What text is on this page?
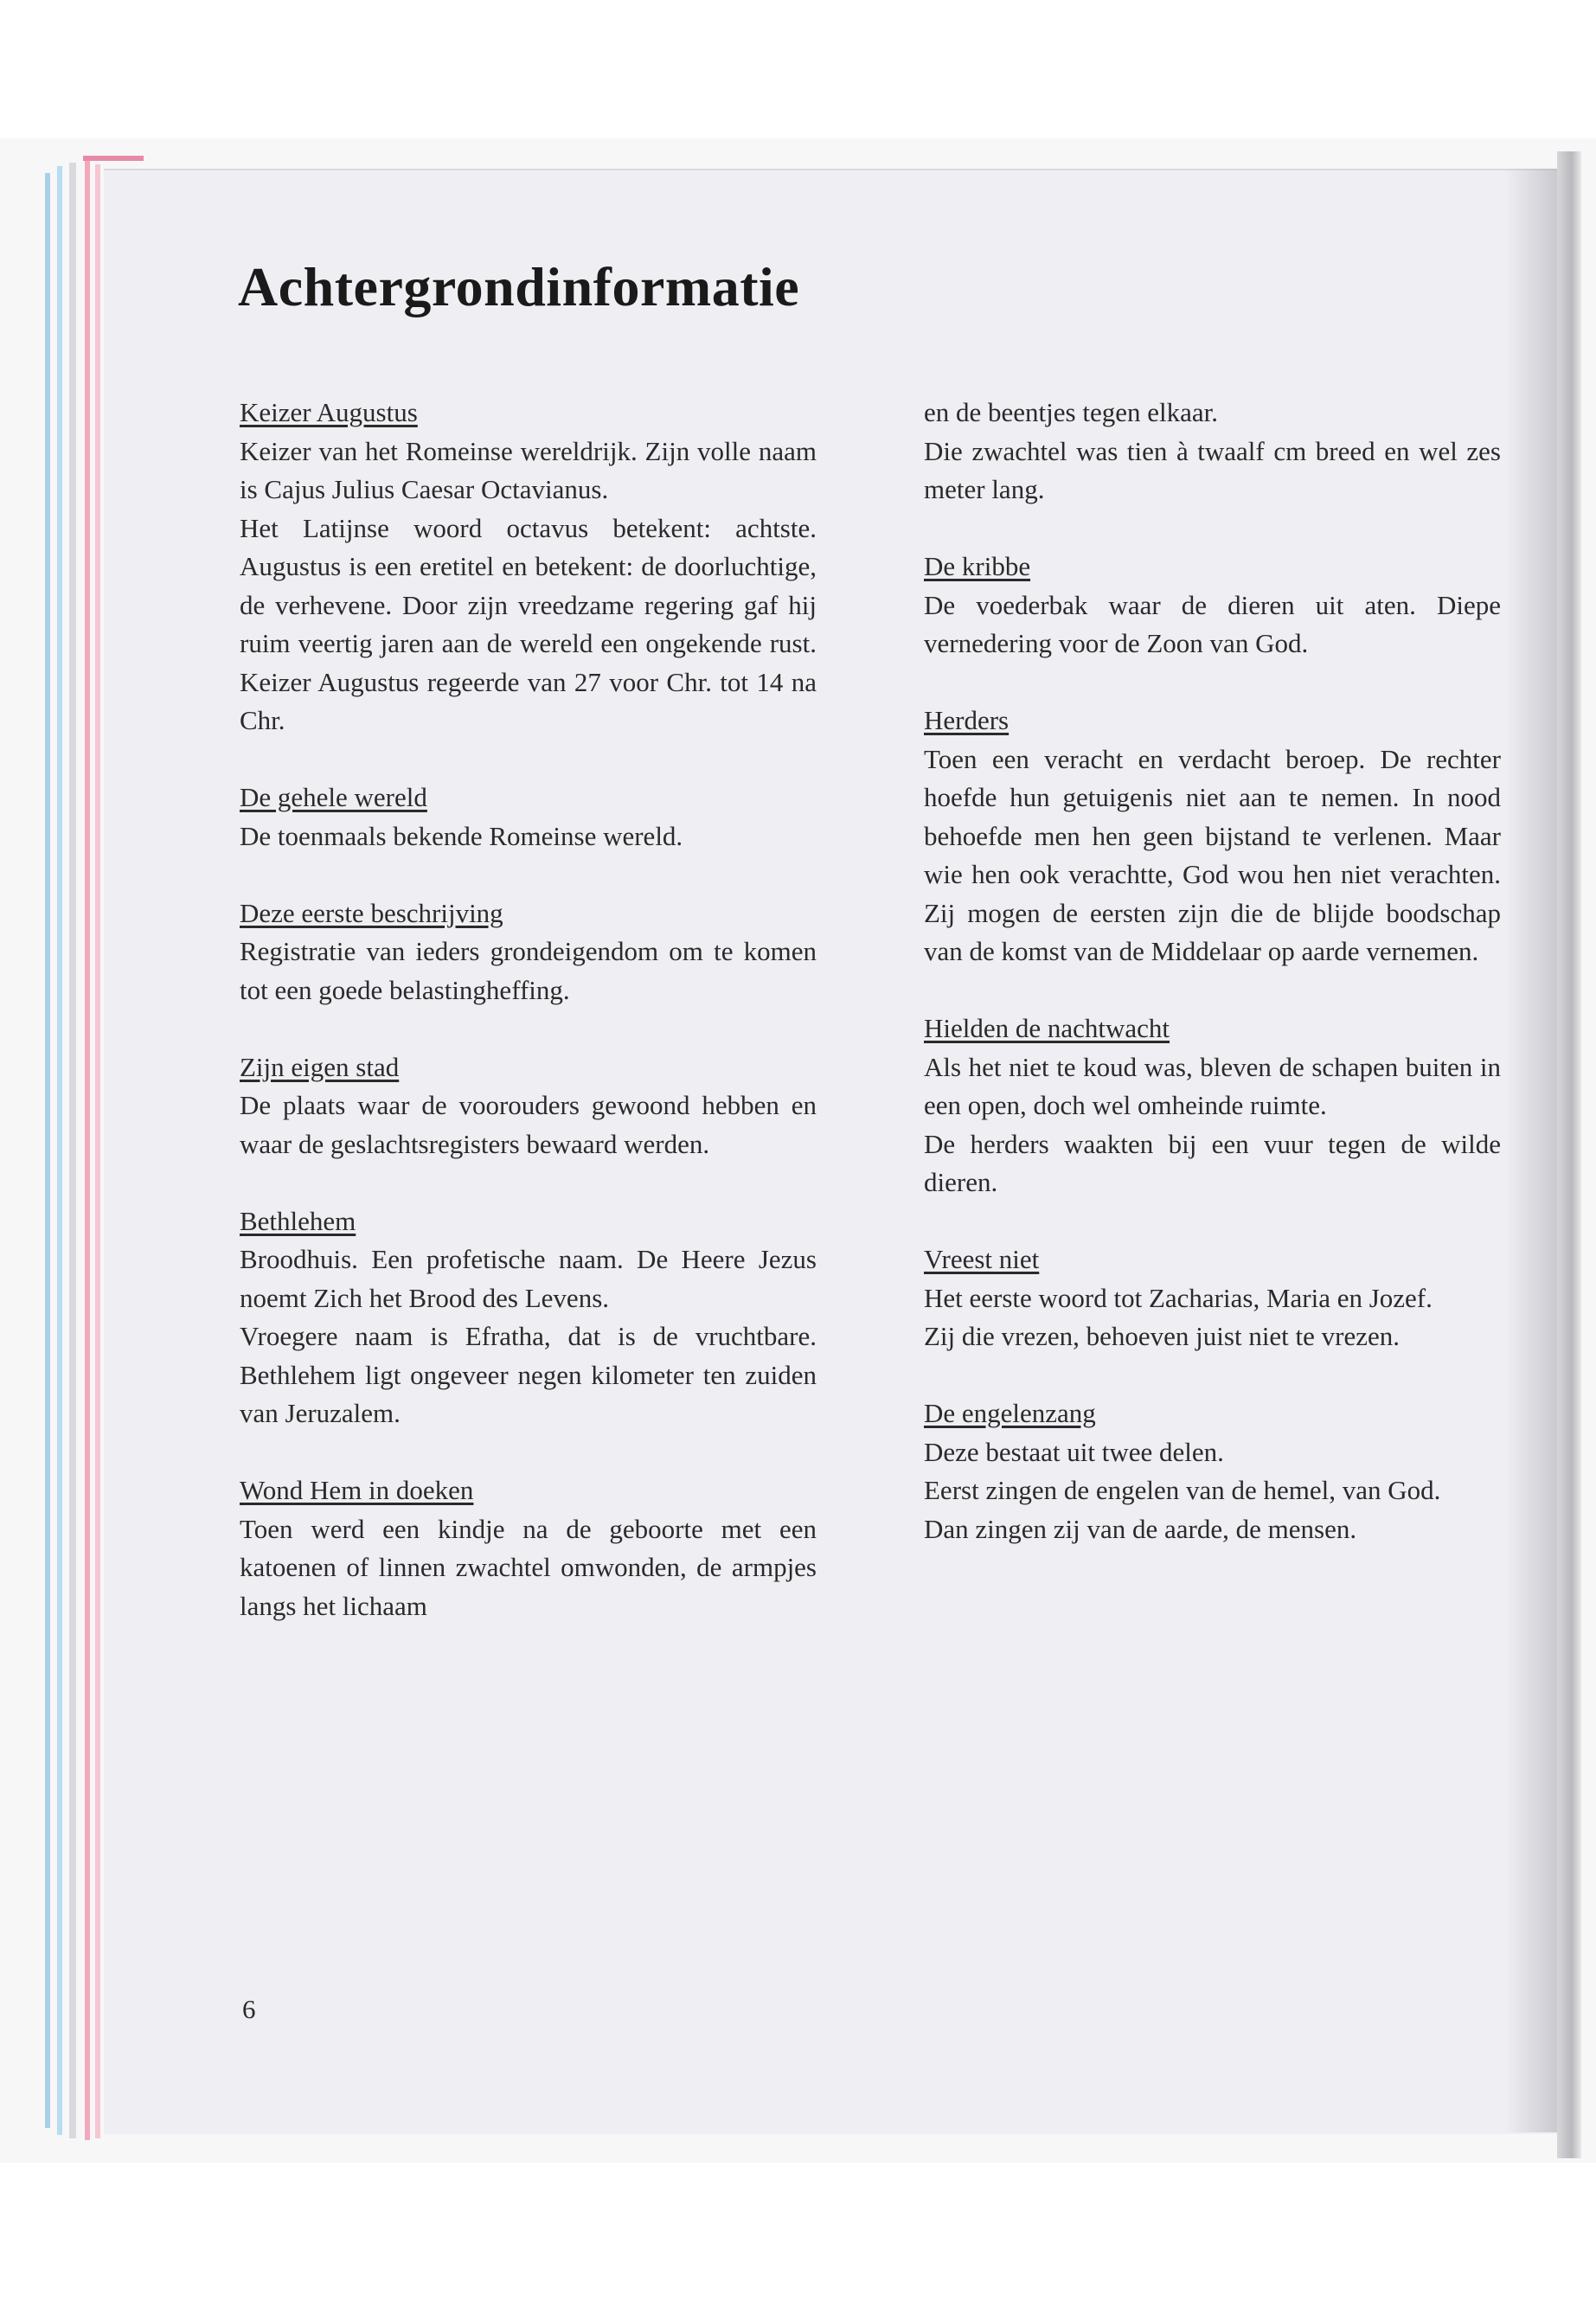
Achtergrondinformatie
Keizer Augustus
Keizer van het Romeinse wereldrijk. Zijn volle naam is Cajus Julius Caesar Octavianus.
Het Latijnse woord octavus betekent: achtste. Augustus is een eretitel en betekent: de doorluchtige, de verhevene. Door zijn vreedzame regering gaf hij ruim veertig jaren aan de wereld een ongekende rust. Keizer Augustus regeerde van 27 voor Chr. tot 14 na Chr.
De gehele wereld
De toenmaals bekende Romeinse wereld.
Deze eerste beschrijving
Registratie van ieders grondeigendom om te komen tot een goede belastingheffing.
Zijn eigen stad
De plaats waar de voorouders gewoond hebben en waar de geslachtsregisters bewaard werden.
Bethlehem
Broodhuis. Een profetische naam. De Heere Jezus noemt Zich het Brood des Levens.
Vroegere naam is Efratha, dat is de vruchtbare. Bethlehem ligt ongeveer negen kilometer ten zuiden van Jeruzalem.
Wond Hem in doeken
Toen werd een kindje na de geboorte met een katoenen of linnen zwachtel omwonden, de armpjes langs het lichaam
en de beentjes tegen elkaar.
Die zwachtel was tien à twaalf cm breed en wel zes meter lang.
De kribbe
De voederbak waar de dieren uit aten. Diepe vernedering voor de Zoon van God.
Herders
Toen een veracht en verdacht beroep. De rechter hoefde hun getuigenis niet aan te nemen. In nood behoefde men hen geen bijstand te verlenen. Maar wie hen ook verachtte, God wou hen niet verachten. Zij mogen de eersten zijn die de blijde boodschap van de komst van de Middelaar op aarde vernemen.
Hielden de nachtwacht
Als het niet te koud was, bleven de schapen buiten in een open, doch wel omheinde ruimte.
De herders waakten bij een vuur tegen de wilde dieren.
Vreest niet
Het eerste woord tot Zacharias, Maria en Jozef.
Zij die vrezen, behoeven juist niet te vrezen.
De engelenzang
Deze bestaat uit twee delen.
Eerst zingen de engelen van de hemel, van God.
Dan zingen zij van de aarde, de mensen.
6
